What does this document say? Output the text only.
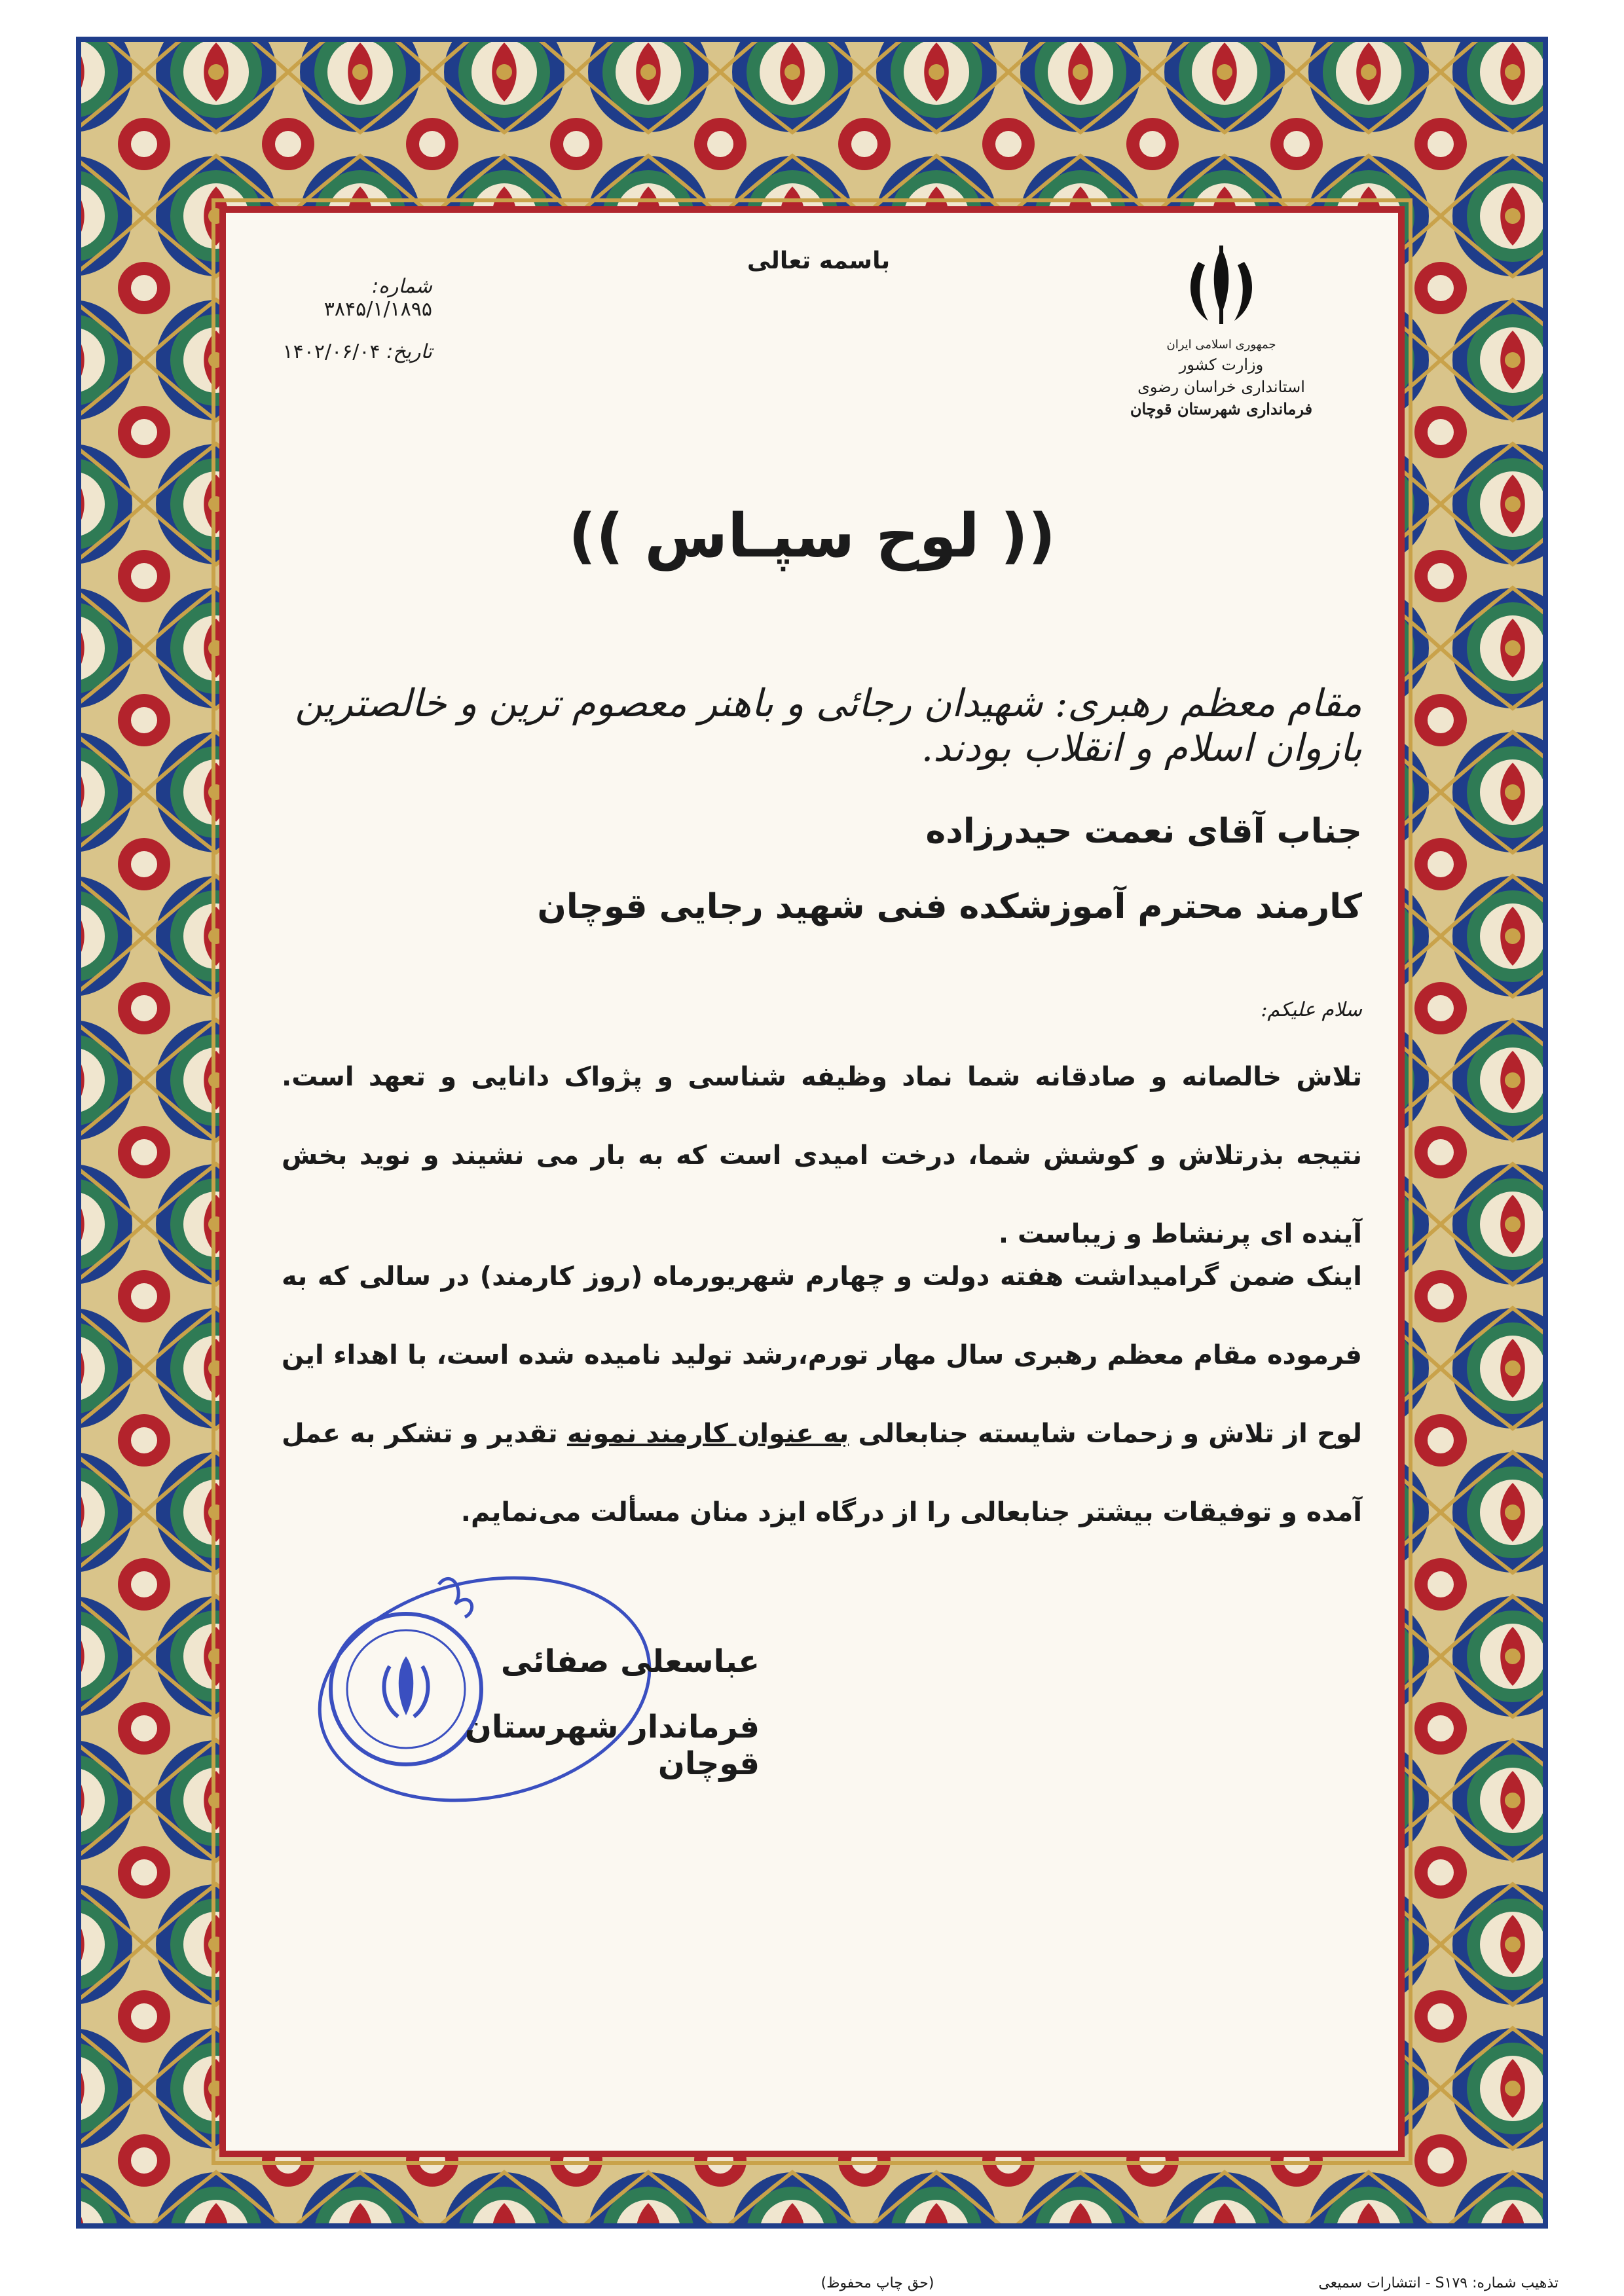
باسمه تعالی
شماره: ۳۸۴۵/۱/۱۸۹۵
تاریخ: ۱۴۰۲/۰۶/۰۴	جمهوری اسلامی ایران
وزارت کشور
استانداری خراسان رضوی
فرمانداری شهرستان قوچان
(( لوح سپـاس ))
مقام معظم رهبری: شهیدان رجائی و باهنر معصوم ترین و خالصترین بازوان اسلام و انقلاب بودند.
جناب آقای نعمت حیدرزاده
کارمند محترم آموزشکده فنی شهید رجایی قوچان
سلام علیکم:
تلاش خالصانه و صادقانه شما نماد وظیفه شناسی و پژواک دانایی و تعهد است. نتیجه بذرتلاش و کوشش شما، درخت امیدی است که به بار می نشیند و نوید بخش آینده ای پرنشاط و زیباست .
اینک ضمن گرامیداشت هفته دولت و چهارم شهریورماه (روز کارمند) در سالی که به فرموده مقام معظم رهبری سال مهار تورم،رشد تولید نامیده شده است، با اهداء این لوح از تلاش و زحمات شایسته جنابعالی به عنوان کارمند نمونه تقدیر و تشکر به عمل آمده و توفیقات بیشتر جنابعالی را از درگاه ایزد منان مسألت می‌نمایم.
عباسعلی صفائی
فرماندار شهرستان قوچان
(حق چاپ محفوظ)	تذهیب شماره: S۱۷۹ - انتشارات سمیعی
